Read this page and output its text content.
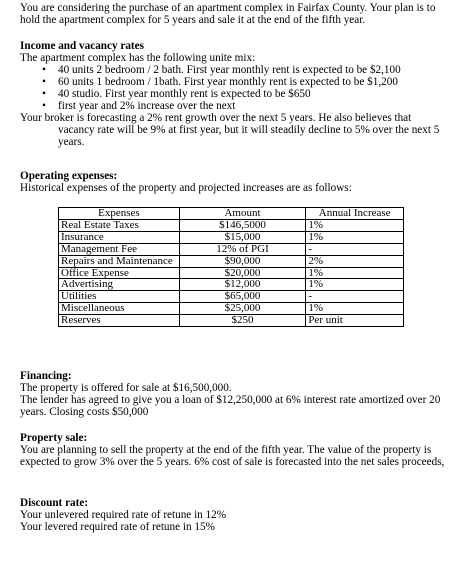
You are considering the purchase of an apartment complex in Fairfax County. Your plan is to hold the apartment complex for 5 years and sale it at the end of the fifth year.

Income and vacancy rates

The apartment complex has the following unite mix:

• 40 units 2 bedroom / 2 bath. First year monthly rent is expected to be $2,100
• 60 units 1 bedroom / 1bath. First year monthly rent is expected to be $1,200
• 40 studio. First year monthly rent is expected to be $650
• first year and 2% increase over the next

Your broker is forecasting a 2% rent growth over the next 5 years. He also believes that

vacancy rate will be 9% at first year, but it will steadily decline to 5% over the next 5 years.

Operating expenses:

Historical expenses of the property and projected increases are as follows:

Expenses	Amount	Annual Increase
Real Estate Taxes	$146,5000	1%
Insurance	$15,000	1%
Management Fee	12% of PGI	-
Repairs and Maintenance	$90,000	2%
Office Expense	$20,000	1%
Advertising	$12,000	1%
Utilities	$65,000	-
Miscellaneous	$25,000	1%
Reserves	$250	Per unit

Financing:

The property is offered for sale at $16,500,000.

The lender has agreed to give you a loan of $12,250,000 at 6% interest rate amortized over 20 years. Closing costs $50,000

Property sale:

You are planning to sell the property at the end of the fifth year. The value of the property is expected to grow 3% over the 5 years. 6% cost of sale is forecasted into the net sales proceeds,

Discount rate:

Your unlevered required rate of retune in 12%

Your levered required rate of retune in 15%
